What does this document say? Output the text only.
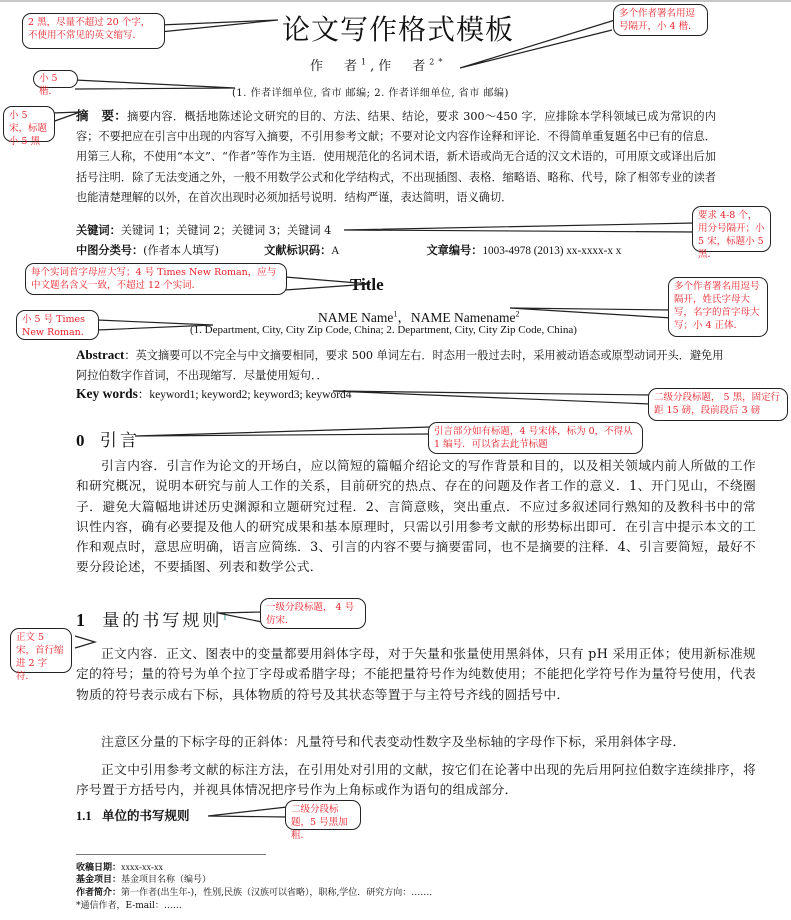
论文写作格式模板
作　者$^1$,作　者$^{2*}$
(1. 作者详细单位, 省市 邮编; 2. 作者详细单位, 省市 邮编)
摘　要：摘要内容．概括地陈述论文研究的目的、方法、结果、结论，要求 300～450 字．应排除本学科领域已成为常识的内容；不要把应在引言中出现的内容写入摘要，不引用参考文献；不要对论文内容作诠释和评论．不得简单重复题名中已有的信息．用第三人称，不使用“本文”、“作者”等作为主语．使用规范化的名词术语，新术语或尚无合适的汉文术语的，可用原文或译出后加括号注明．除了无法变通之外，一般不用数学公式和化学结构式，不出现插图、表格．缩略语、略称、代号，除了相邻专业的读者也能清楚理解的以外，在首次出现时必须加括号说明．结构严谨，表达简明，语义确切．
关键词：关键词 1；关键词 2；关键词 3；关键词 4
中图分类号：(作者本人填写)	文献标识码：A	文章编号：1003-4978 (2013) xx-xxxx-x x
Title
NAME Name$^1$，NAME Namename$^2$
(1. Department, City, City Zip Code, China; 2. Department, City, City Zip Code, China)
Abstract：英文摘要可以不完全与中文摘要相同，要求 500 单词左右．时态用一般过去时，采用被动语态或原型动词开头．避免用阿拉伯数字作首词，不出现缩写．尽量使用短句．．
Key words：keyword1; keyword2; keyword3; keyword4
0 引言
引言内容．引言作为论文的开场白，应以简短的篇幅介绍论文的写作背景和目的，以及相关领域内前人所做的工作和研究概况，说明本研究与前人工作的关系，目前研究的热点、存在的问题及作者工作的意义．1、开门见山，不绕圈子．避免大篇幅地讲述历史渊源和立题研究过程．2、言简意赅，突出重点．不应过多叙述同行熟知的及教科书中的常识性内容，确有必要提及他人的研究成果和基本原理时，只需以引用参考文献的形势标出即可．在引言中提示本文的工作和观点时，意思应明确，语言应简练．3、引言的内容不要与摘要雷同，也不是摘要的注释．4、引言要简短，最好不要分段论述，不要插图、列表和数学公式．
1 量的书写规则$^1$
正文内容．正文、图表中的变量都要用斜体字母，对于矢量和张量使用黑斜体，只有 pH 采用正体；使用新标准规定的符号；量的符号为单个拉丁字母或希腊字母；不能把量符号作为纯数使用；不能把化学符号作为量符号使用，代表物质的符号表示成右下标，具体物质的符号及其状态等置于与主符号齐线的圆括号中．
注意区分量的下标字母的正斜体：凡量符号和代表变动性数字及坐标轴的字母作下标，采用斜体字母．
正文中引用参考文献的标注方法，在引用处对引用的文献，按它们在论著中出现的先后用阿拉伯数字连续排序，将序号置于方括号内，并视具体情况把序号作为上角标或作为语句的组成部分．
1.1 单位的书写规则
收稿日期：xxxx-xx-xx
基金项目：基金项目名称（编号）
作者简介：第一作者(出生年-)，性别,民族（汉族可以省略），职称,学位．研究方向：……．
*通信作者，E-mail：……
2 黑，尽量不超过 20 个字，不使用不常见的英文缩写．
多个作者署名用逗号隔开，小 4 楷．
小 5 楷．
小 5 宋，标题小 5 黑
要求 4-8 个，用分号隔开；小 5 宋，标题小 5 黑．
每个实词首字母应大写；4 号 Times New Roman，应与中文题名含义一致，不超过 12 个实词．	多个作者署名用逗号隔开，姓氏字母大写，名字的首字母大写；小 4 正体．
小 5 号 Times New Roman．
二级分段标题， 5 黑，固定行距 15 磅，段前段后 3 磅
引言部分如有标题，4 号宋体，标为 0，不得从 1 编号．可以省去此节标题
一级分段标题， 4 号仿宋．
正文 5 宋，首行缩进 2 字符．
二级分段标题，5 号黑加粗．
